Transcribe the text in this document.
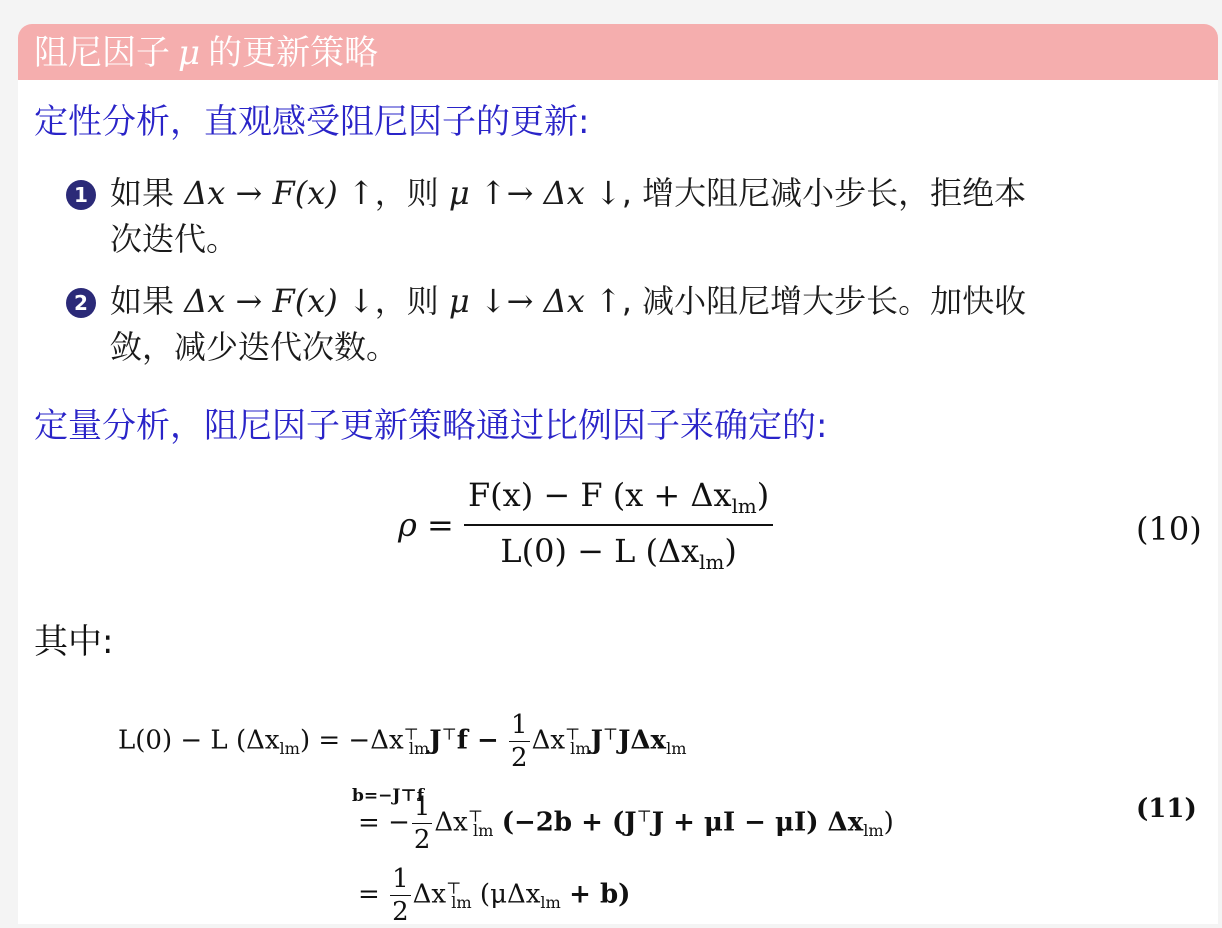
阻尼因子 μ 的更新策略
定性分析，直观感受阻尼因子的更新:
1 如果 Δx → F(x) ↑，则 μ ↑→ Δx ↓, 增大阻尼减小步长，拒绝本
次迭代。
2 如果 Δx → F(x) ↓，则 μ ↓→ Δx ↑, 减小阻尼增大步长。加快收
敛，减少迭代次数。
定量分析，阻尼因子更新策略通过比例因子来确定的:
$\rho = \frac{F(x) - F (x + \Delta x_{lm})}{L(0) - L (\Delta x_{lm})}$	(10)
其中:
L(0) − L $(\Delta x_{lm}) = -\Delta x^⊤_{lm}J^⊤f - \frac{1}{2} \Delta x^⊤_{lm}J^⊤J\Delta x_{lm}$
b=−J⊤f
= − $\frac{1}{2} \Delta x^⊤_{lm}$ (−2b + (J⊤J + μI − μI) $\Delta x_{lm}$)	(11)
= $\frac{1}{2} \Delta x^⊤_{lm}$ (μΔx$_{lm}$ + b)
